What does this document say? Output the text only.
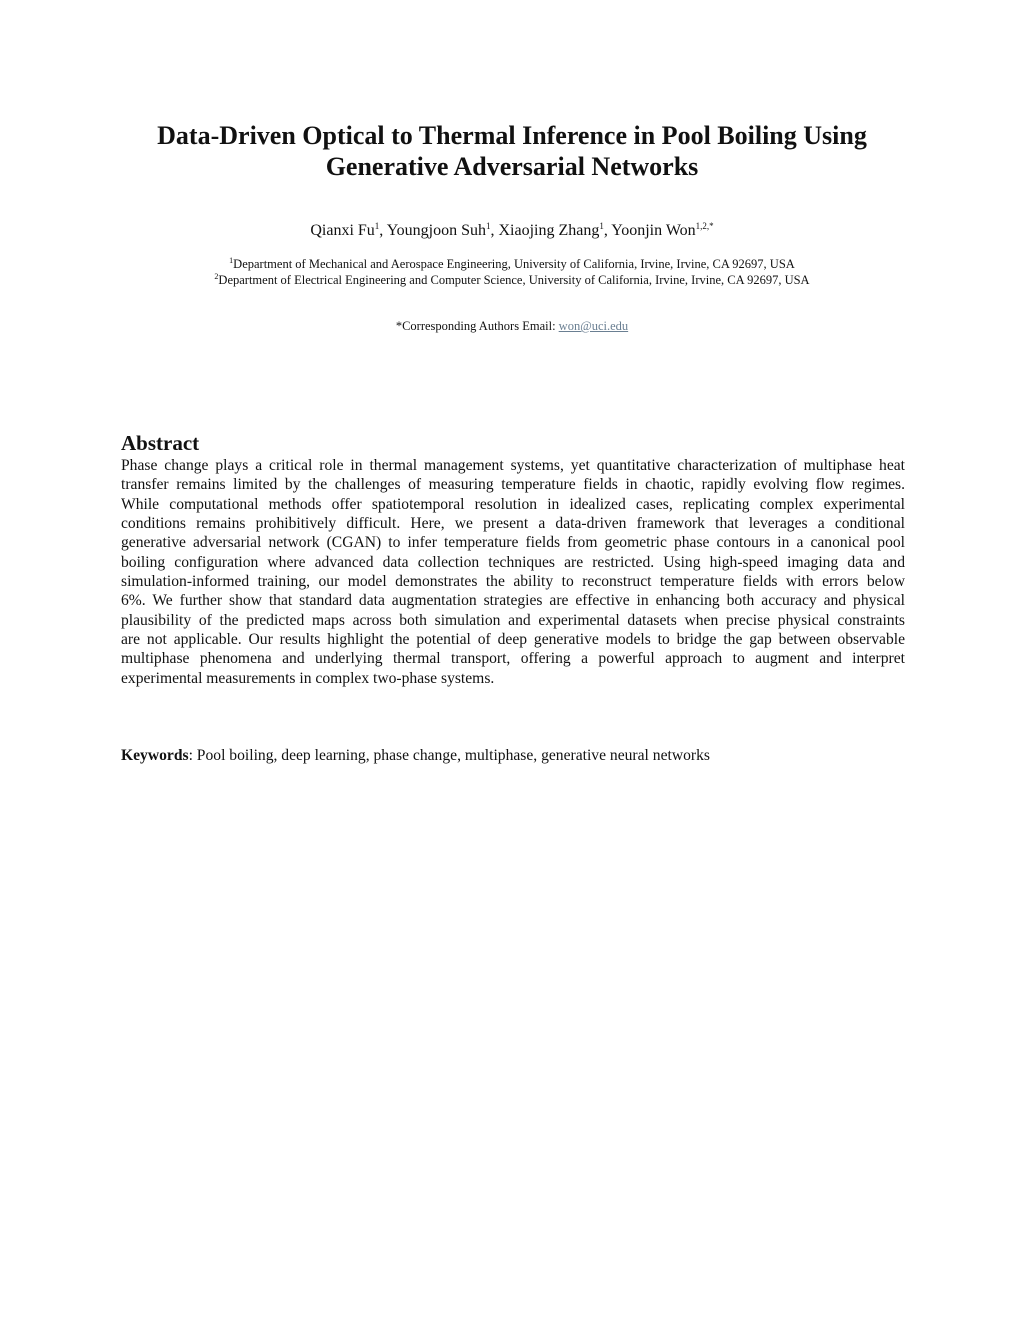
Data-Driven Optical to Thermal Inference in Pool Boiling Using
Generative Adversarial Networks
Qianxi Fu$^1$, Youngjoon Suh$^1$, Xiaojing Zhang$^1$, Yoonjin Won$^{1,2,*}$
$^1$Department of Mechanical and Aerospace Engineering, University of California, Irvine, Irvine, CA 92697, USA
$^2$Department of Electrical Engineering and Computer Science, University of California, Irvine, Irvine, CA 92697, USA
*Corresponding Authors Email: won@uci.edu
Abstract
Phase change plays a critical role in thermal management systems, yet quantitative characterization of multiphase heat
transfer remains limited by the challenges of measuring temperature fields in chaotic, rapidly evolving flow regimes.
While computational methods offer spatiotemporal resolution in idealized cases, replicating complex experimental
conditions remains prohibitively difficult. Here, we present a data-driven framework that leverages a conditional
generative adversarial network (CGAN) to infer temperature fields from geometric phase contours in a canonical pool
boiling configuration where advanced data collection techniques are restricted. Using high-speed imaging data and
simulation-informed training, our model demonstrates the ability to reconstruct temperature fields with errors below
6%. We further show that standard data augmentation strategies are effective in enhancing both accuracy and physical
plausibility of the predicted maps across both simulation and experimental datasets when precise physical constraints
are not applicable. Our results highlight the potential of deep generative models to bridge the gap between observable
multiphase phenomena and underlying thermal transport, offering a powerful approach to augment and interpret
experimental measurements in complex two-phase systems.
Keywords: Pool boiling, deep learning, phase change, multiphase, generative neural networks
